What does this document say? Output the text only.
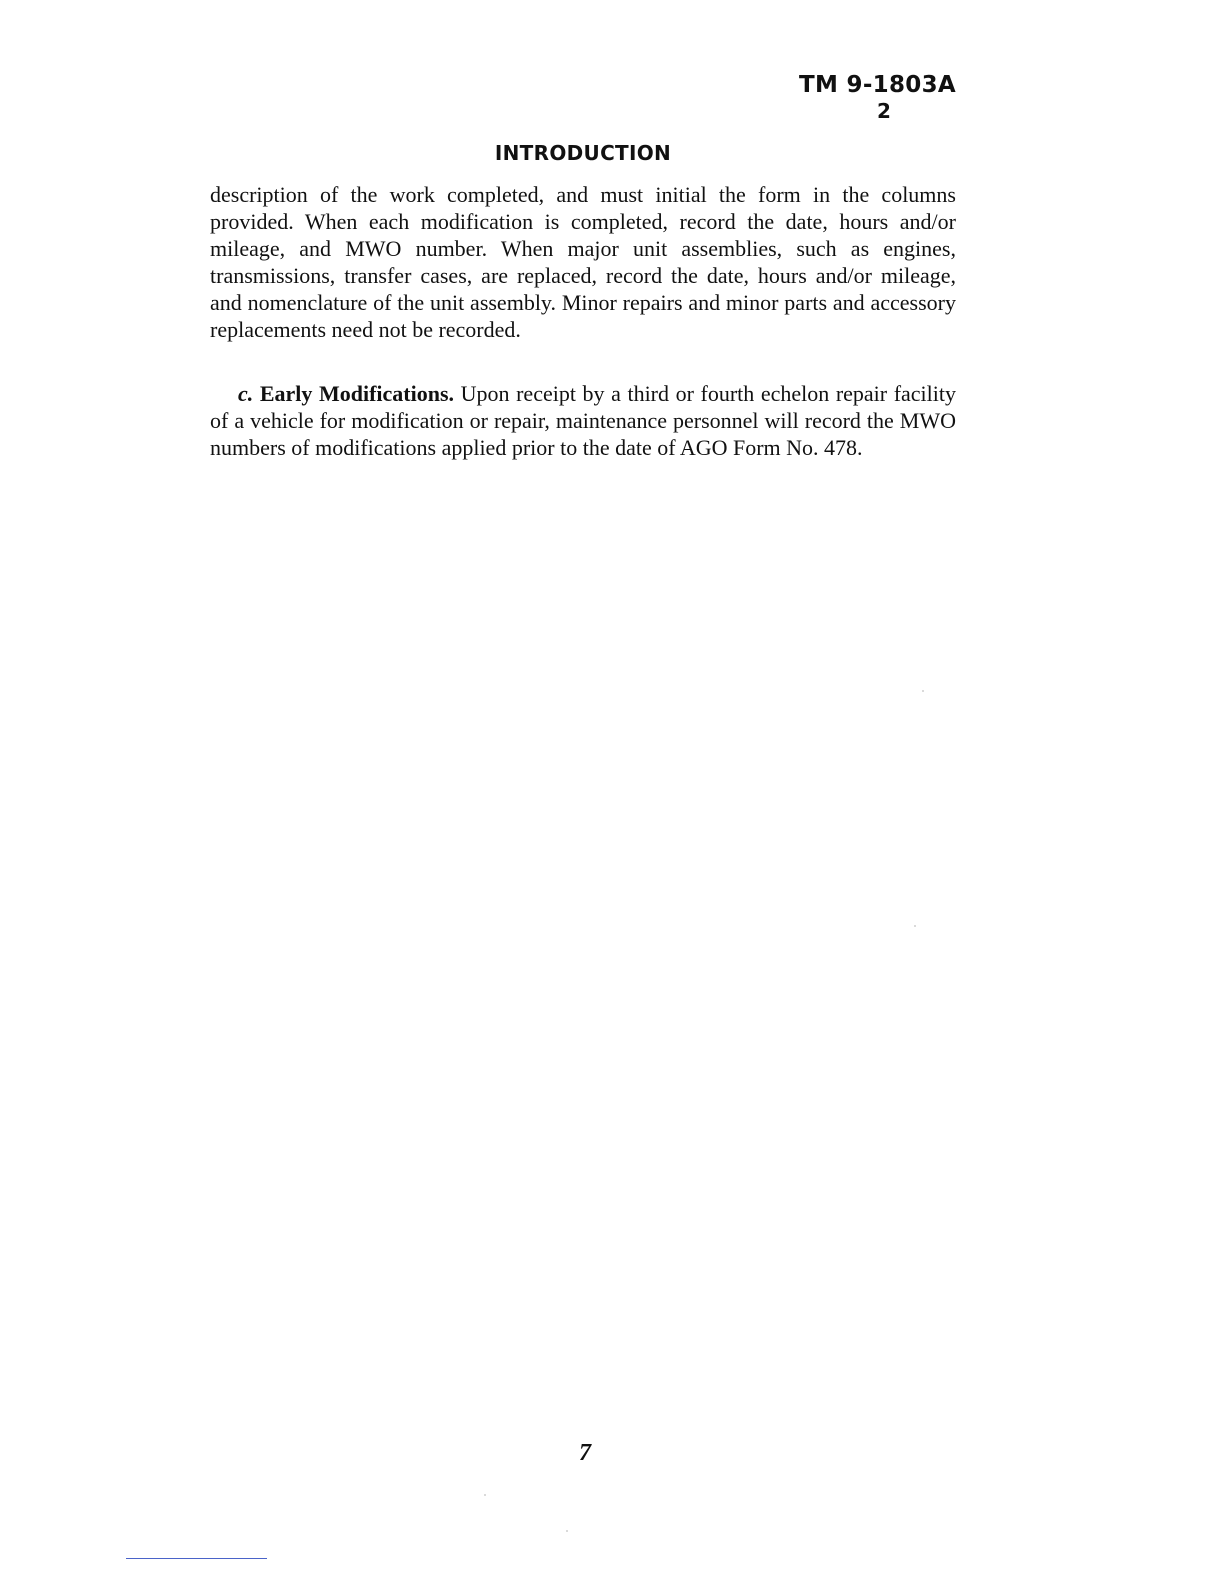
TM 9-1803A
2
INTRODUCTION

description of the work completed, and must initial the form in the columns provided. When each modification is completed, record the date, hours and/or mileage, and MWO number. When major unit assemblies, such as engines, transmissions, transfer cases, are replaced, record the date, hours and/or mileage, and nomenclature of the unit assembly. Minor repairs and minor parts and accessory replacements need not be recorded.

c. Early Modifications. Upon receipt by a third or fourth echelon repair facility of a vehicle for modification or repair, maintenance personnel will record the MWO numbers of modifications applied prior to the date of AGO Form No. 478.

7
